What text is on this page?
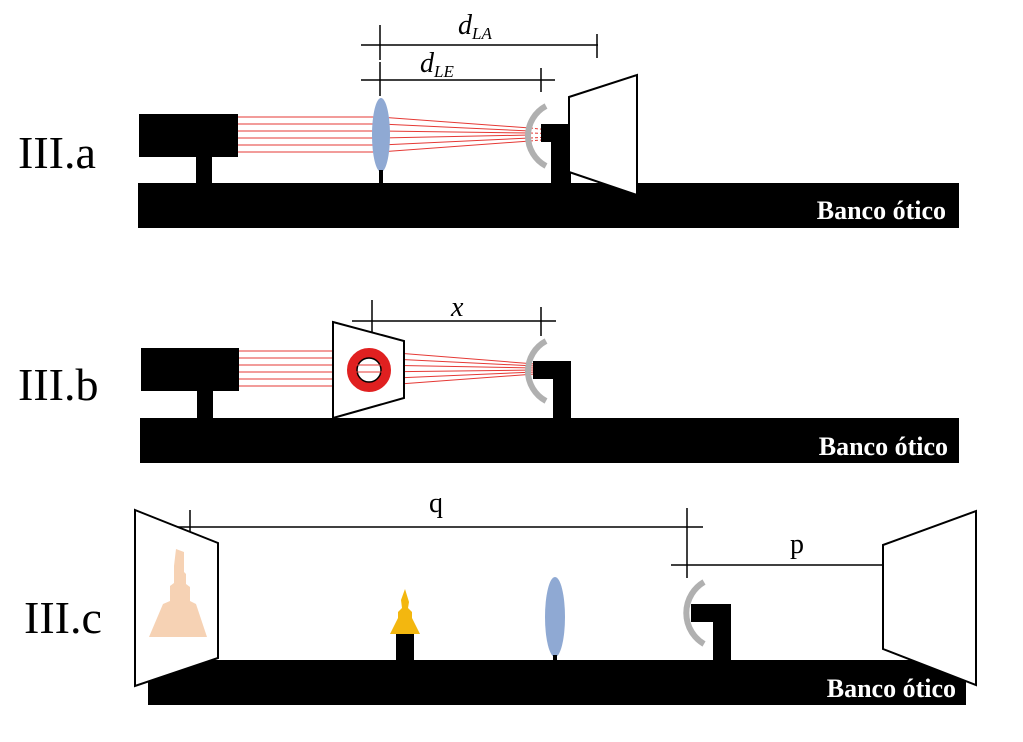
III.a
dLA
dLE
Banco ótico
III.b
x
Banco ótico
III.c
q
p
Banco ótico
